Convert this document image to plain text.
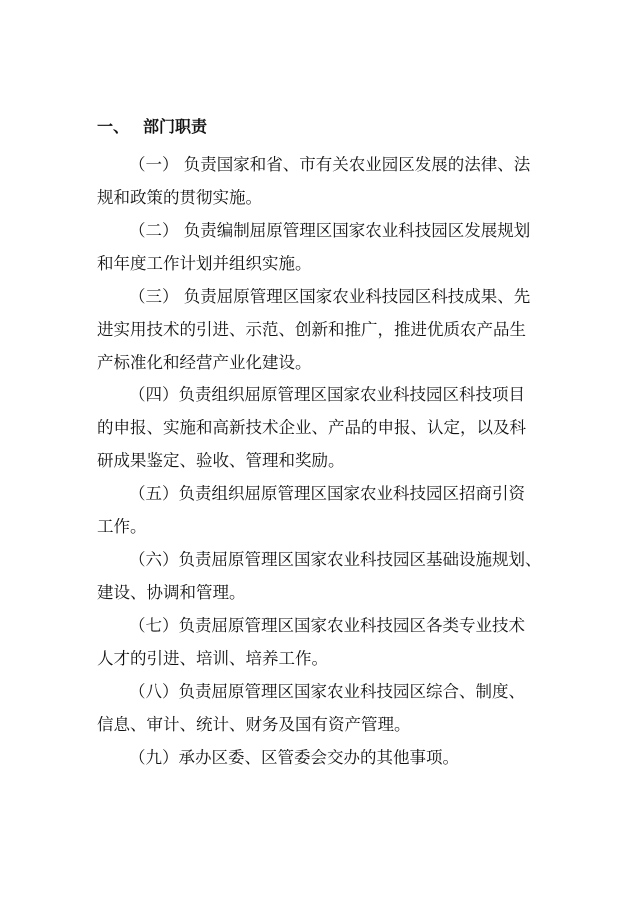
一、 部门职责
（一） 负责国家和省、市有关农业园区发展的法律、法
规和政策的贯彻实施。
（二） 负责编制屈原管理区国家农业科技园区发展规划
和年度工作计划并组织实施。
（三） 负责屈原管理区国家农业科技园区科技成果、先
进实用技术的引进、示范、创新和推广，推进优质农产品生
产标准化和经营产业化建设。
（四）负责组织屈原管理区国家农业科技园区科技项目
的申报、实施和高新技术企业、产品的申报、认定，以及科
研成果鉴定、验收、管理和奖励。
（五）负责组织屈原管理区国家农业科技园区招商引资
工作。
（六）负责屈原管理区国家农业科技园区基础设施规划、
建设、协调和管理。
（七）负责屈原管理区国家农业科技园区各类专业技术
人才的引进、培训、培养工作。
（八）负责屈原管理区国家农业科技园区综合、制度、
信息、审计、统计、财务及国有资产管理。
（九）承办区委、区管委会交办的其他事项。
